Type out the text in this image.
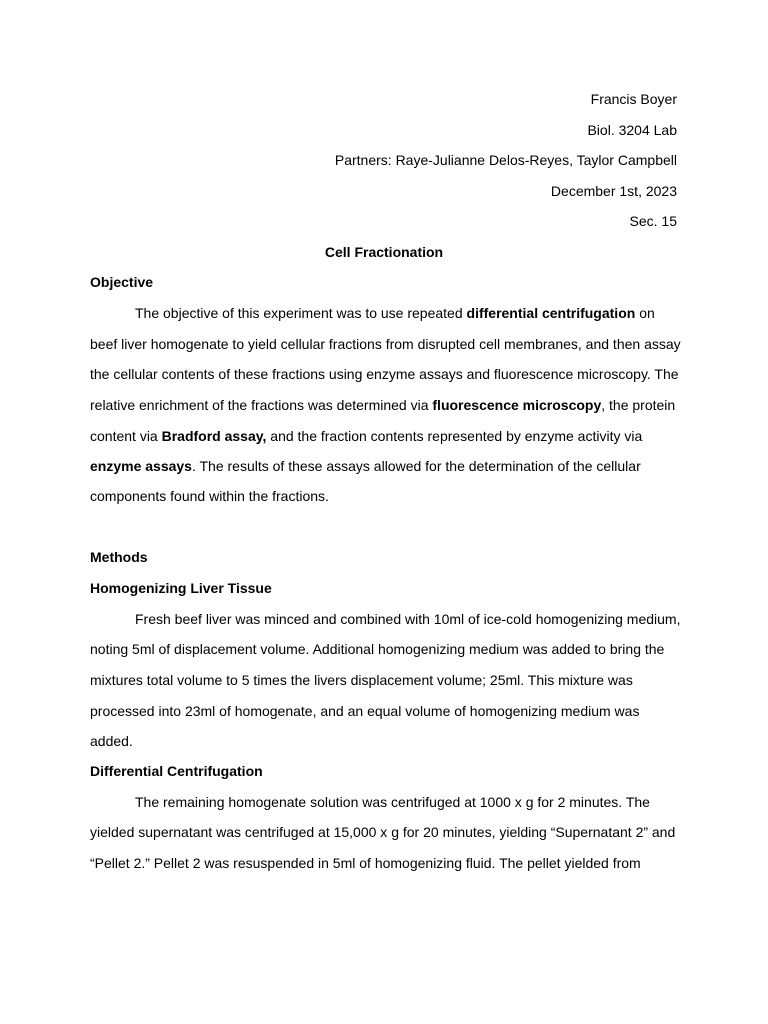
Francis Boyer
Biol. 3204 Lab
Partners: Raye-Julianne Delos-Reyes, Taylor Campbell
December 1st, 2023
Sec. 15
Cell Fractionation
Objective
The objective of this experiment was to use repeated differential centrifugation on
beef liver homogenate to yield cellular fractions from disrupted cell membranes, and then assay
the cellular contents of these fractions using enzyme assays and fluorescence microscopy. The
relative enrichment of the fractions was determined via fluorescence microscopy, the protein
content via Bradford assay, and the fraction contents represented by enzyme activity via
enzyme assays. The results of these assays allowed for the determination of the cellular
components found within the fractions.
Methods
Homogenizing Liver Tissue
Fresh beef liver was minced and combined with 10ml of ice-cold homogenizing medium,
noting 5ml of displacement volume. Additional homogenizing medium was added to bring the
mixtures total volume to 5 times the livers displacement volume; 25ml. This mixture was
processed into 23ml of homogenate, and an equal volume of homogenizing medium was
added.
Differential Centrifugation
The remaining homogenate solution was centrifuged at 1000 x g for 2 minutes. The
yielded supernatant was centrifuged at 15,000 x g for 20 minutes, yielding “Supernatant 2” and
“Pellet 2.” Pellet 2 was resuspended in 5ml of homogenizing fluid. The pellet yielded from
